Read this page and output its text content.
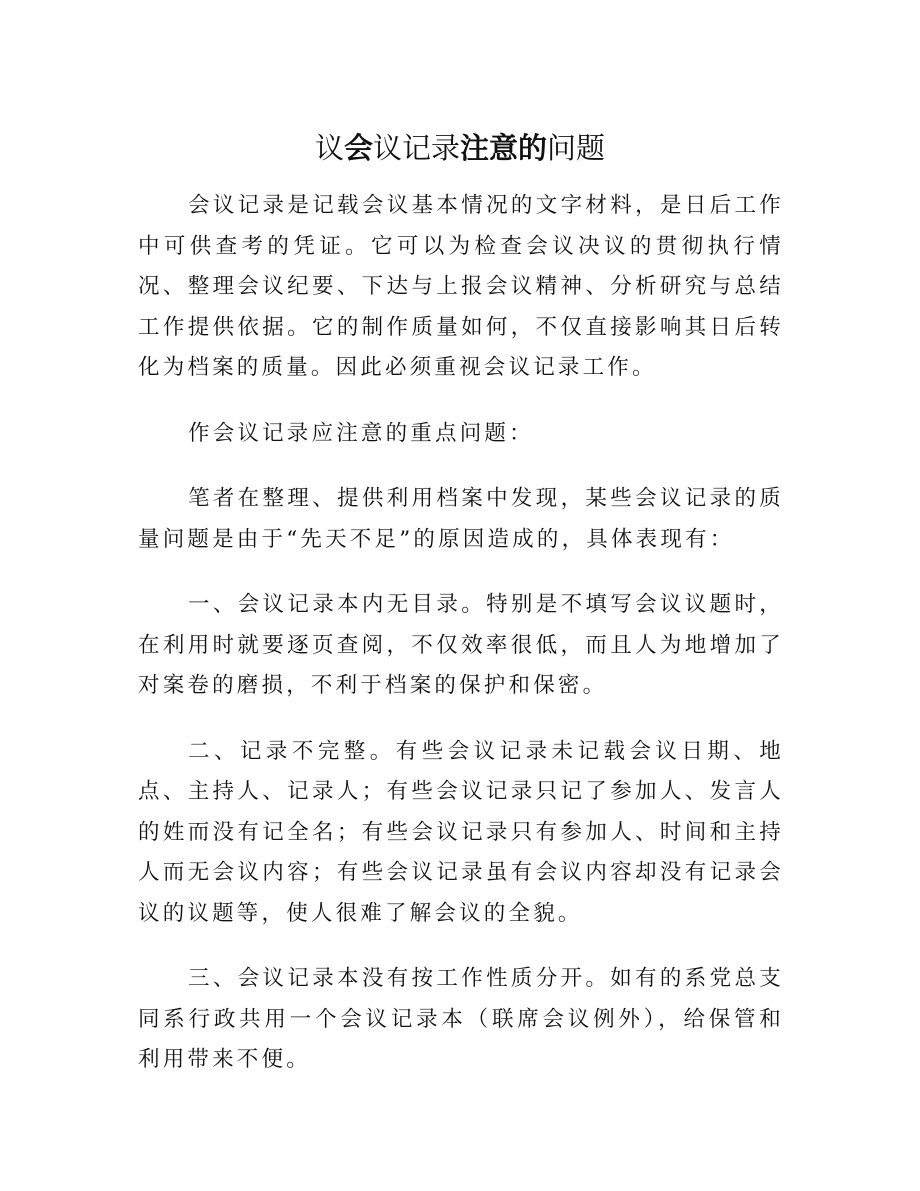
议会议记录注意的问题

会议记录是记载会议基本情况的文字材料，是日后工作中可供查考的凭证。它可以为检查会议决议的贯彻执行情况、整理会议纪要、下达与上报会议精神、分析研究与总结工作提供依据。它的制作质量如何，不仅直接影响其日后转化为档案的质量。因此必须重视会议记录工作。

作会议记录应注意的重点问题：

笔者在整理、提供利用档案中发现，某些会议记录的质量问题是由于“先天不足”的原因造成的，具体表现有：

一、会议记录本内无目录。特别是不填写会议议题时，在利用时就要逐页查阅，不仅效率很低，而且人为地增加了对案卷的磨损，不利于档案的保护和保密。

二、记录不完整。有些会议记录未记载会议日期、地点、主持人、记录人；有些会议记录只记了参加人、发言人的姓而没有记全名；有些会议记录只有参加人、时间和主持人而无会议内容；有些会议记录虽有会议内容却没有记录会议的议题等，使人很难了解会议的全貌。

三、会议记录本没有按工作性质分开。如有的系党总支同系行政共用一个会议记录本（联席会议例外），给保管和利用带来不便。
